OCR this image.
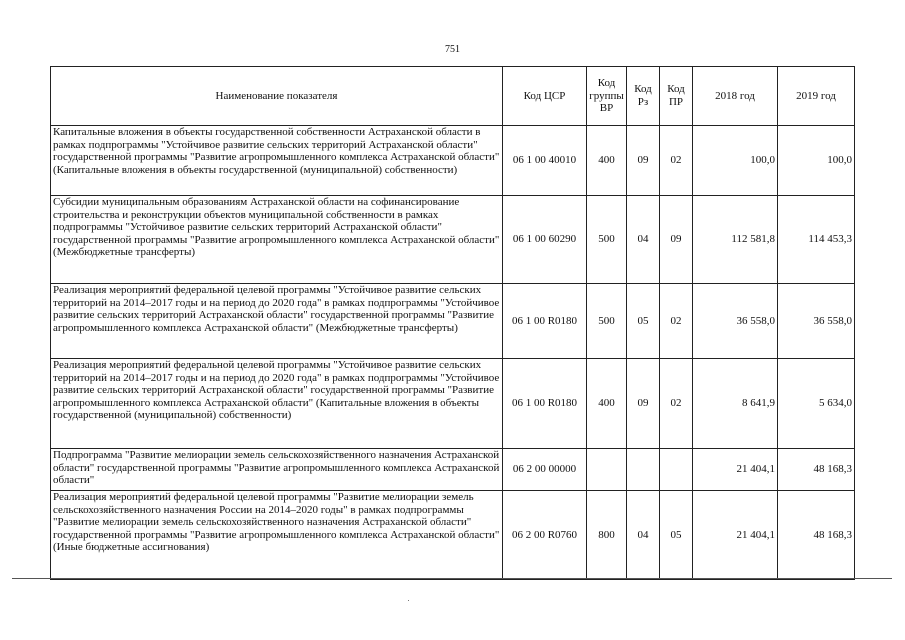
751
Наименование показателя	Код ЦСР	Код группы ВР	Код Рз	Код ПР	2018 год	2019 год
Капитальные вложения в объекты государственной собственности Астраханской области в рамках подпрограммы "Устойчивое развитие сельских территорий Астраханской области" государственной программы "Развитие агропромышленного комплекса Астраханской области" (Капитальные вложения в объекты государственной (муниципальной) собственности)	06 1 00 40010	400	09	02	100,0	100,0
Субсидии муниципальным образованиям Астраханской области на софинансирование строительства и реконструкции объектов муниципальной собственности в рамках подпрограммы "Устойчивое развитие сельских территорий Астраханской области" государственной программы "Развитие агропромышленного комплекса Астраханской области" (Межбюджетные трансферты)	06 1 00 60290	500	04	09	112 581,8	114 453,3
Реализация мероприятий федеральной целевой программы "Устойчивое развитие сельских территорий на 2014–2017 годы и на период до 2020 года" в рамках подпрограммы "Устойчивое развитие сельских территорий Астраханской области" государственной программы "Развитие агропромышленного комплекса Астраханской области" (Межбюджетные трансферты)	06 1 00 R0180	500	05	02	36 558,0	36 558,0
Реализация мероприятий федеральной целевой программы "Устойчивое развитие сельских территорий на 2014–2017 годы и на период до 2020 года" в рамках подпрограммы "Устойчивое развитие сельских территорий Астраханской области" государственной программы "Развитие агропромышленного комплекса Астраханской области" (Капитальные вложения в объекты государственной (муниципальной) собственности)	06 1 00 R0180	400	09	02	8 641,9	5 634,0
Подпрограмма "Развитие мелиорации земель сельскохозяйственного назначения Астраханской области" государственной программы "Развитие агропромышленного комплекса Астраханской области"	06 2 00 00000				21 404,1	48 168,3
Реализация мероприятий федеральной целевой программы "Развитие мелиорации земель сельскохозяйственного назначения России на 2014–2020 годы" в рамках подпрограммы "Развитие мелиорации земель сельскохозяйственного назначения Астраханской области" государственной программы "Развитие агропромышленного комплекса Астраханской области" (Иные бюджетные ассигнования)	06 2 00 R0760	800	04	05	21 404,1	48 168,3
